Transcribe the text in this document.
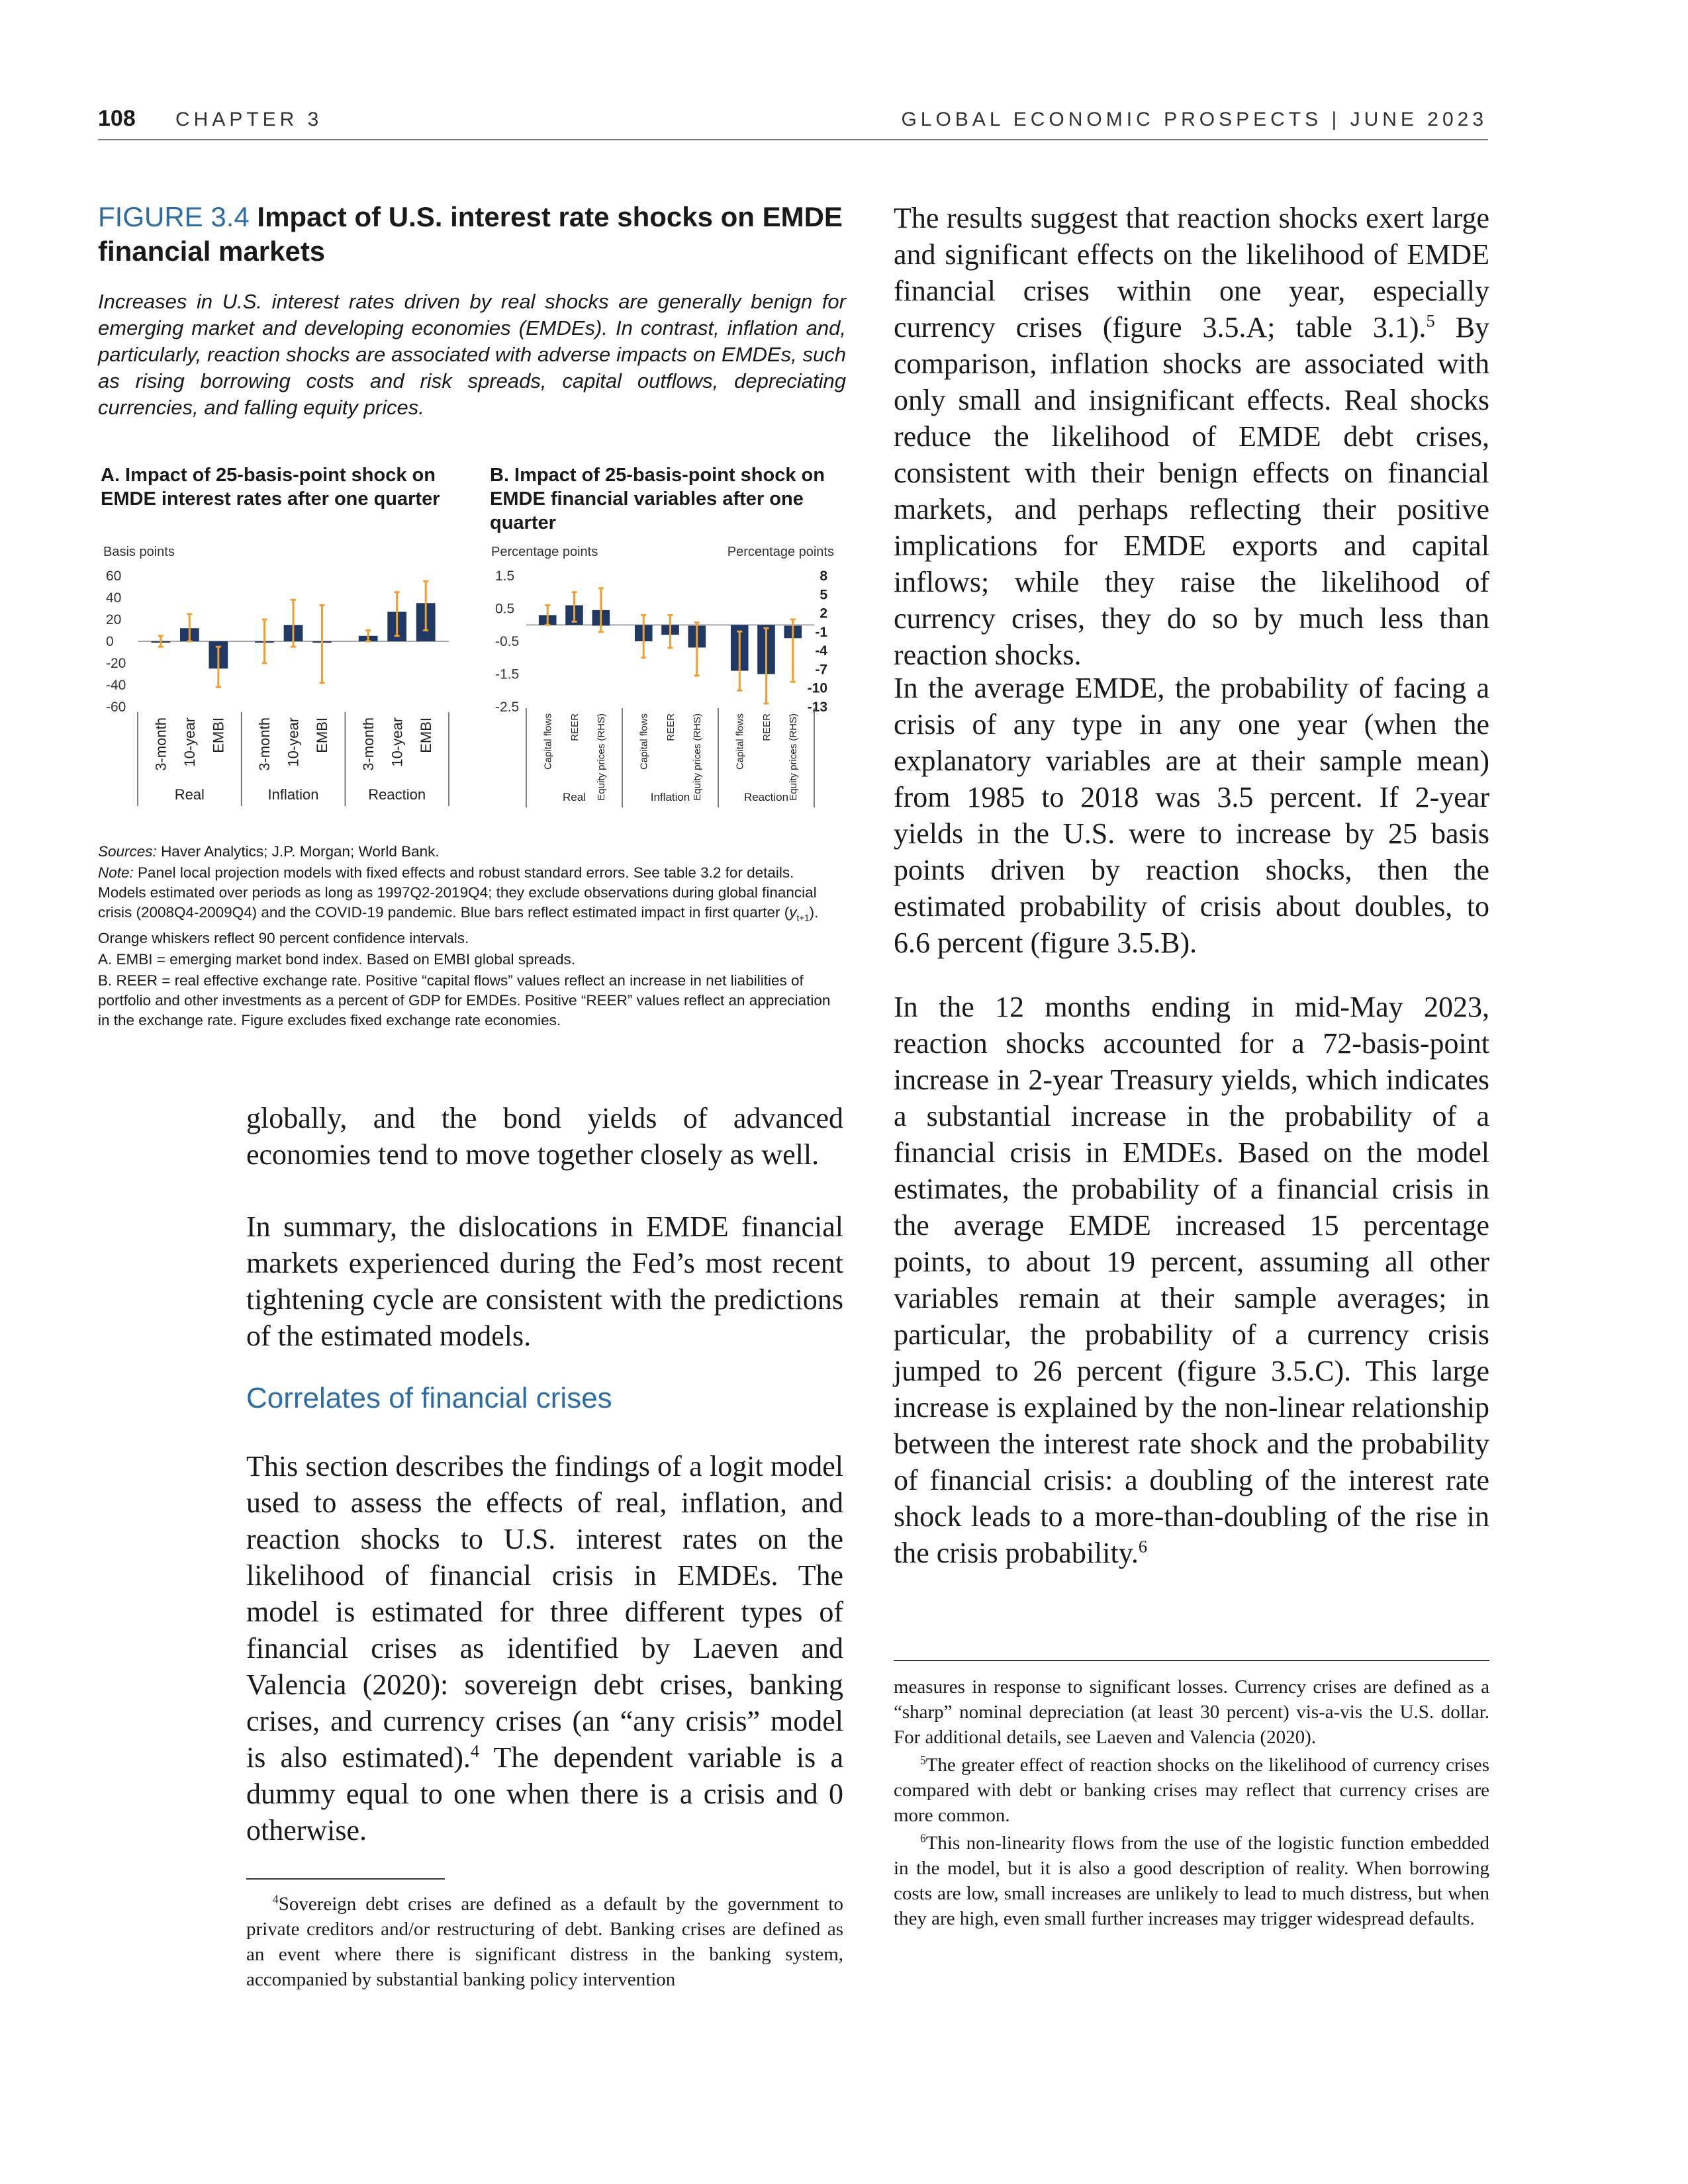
108 CHAPTER 3	GLOBAL ECONOMIC PROSPECTS | JUNE 2023
FIGURE 3.4 Impact of U.S. interest rate shocks on EMDE financial markets
Increases in U.S. interest rates driven by real shocks are generally benign for emerging market and developing economies (EMDEs). In contrast, inflation and, particularly, reaction shocks are associated with adverse impacts on EMDEs, such as rising borrowing costs and risk spreads, capital outflows, depreciating currencies, and falling equity prices.
A. Impact of 25-basis-point shock on EMDE interest rates after one quarter
B. Impact of 25-basis-point shock on EMDE financial variables after one quarter
Basis points
60
40
20
0
-20
-40
-60
3-month 10-year EMBI
Real
3-month 10-year EMBI
Inflation
3-month 10-year EMBI
Reaction
Percentage points	Percentage points
1.5
0.5
-0.5
-1.5
-2.5
8
5
2
-1
-4
-7
-10
-13
Capital flows REER Equity prices (RHS)
Real
Capital flows REER Equity prices (RHS)
Inflation
Capital flows REER Equity prices (RHS)
Reaction

Sources: Haver Analytics; J.P. Morgan; World Bank.

Note: Panel local projection models with fixed effects and robust standard errors. See table 3.2 for details. Models estimated over periods as long as 1997Q2-2019Q4; they exclude observations during global financial crisis (2008Q4-2009Q4) and the COVID-19 pandemic. Blue bars reflect estimated impact in first quarter $(y_{t+1})$. Orange whiskers reflect 90 percent confidence intervals.

A. EMBI = emerging market bond index. Based on EMBI global spreads.

B. REER = real effective exchange rate. Positive “capital flows” values reflect an increase in net liabilities of portfolio and other investments as a percent of GDP for EMDEs. Positive “REER” values reflect an appreciation in the exchange rate. Figure excludes fixed exchange rate economies.

globally, and the bond yields of advanced economies tend to move together closely as well.
In summary, the dislocations in EMDE financial markets experienced during the Fed’s most recent tightening cycle are consistent with the predictions of the estimated models.
Correlates of financial crises
This section describes the findings of a logit model used to assess the effects of real, inflation, and reaction shocks to U.S. interest rates on the likelihood of financial crisis in EMDEs. The model is estimated for three different types of financial crises as identified by Laeven and Valencia (2020): sovereign debt crises, banking crises, and currency crises (an “any crisis” model is also estimated).$^4$ The dependent variable is a dummy equal to one when there is a crisis and 0 otherwise.
$^4$Sovereign debt crises are defined as a default by the government to private creditors and/or restructuring of debt. Banking crises are defined as an event where there is significant distress in the banking system, accompanied by substantial banking policy intervention
The results suggest that reaction shocks exert large and significant effects on the likelihood of EMDE financial crises within one year, especially currency crises (figure 3.5.A; table 3.1).$^5$ By comparison, inflation shocks are associated with only small and insignificant effects. Real shocks reduce the likelihood of EMDE debt crises, consistent with their benign effects on financial markets, and perhaps reflecting their positive implications for EMDE exports and capital inflows; while they raise the likelihood of currency crises, they do so by much less than reaction shocks.
In the average EMDE, the probability of facing a crisis of any type in any one year (when the explanatory variables are at their sample mean) from 1985 to 2018 was 3.5 percent. If 2-year yields in the U.S. were to increase by 25 basis points driven by reaction shocks, then the estimated probability of crisis about doubles, to 6.6 percent (figure 3.5.B).
In the 12 months ending in mid-May 2023, reaction shocks accounted for a 72-basis-point increase in 2-year Treasury yields, which indicates a substantial increase in the probability of a financial crisis in EMDEs. Based on the model estimates, the probability of a financial crisis in the average EMDE increased 15 percentage points, to about 19 percent, assuming all other variables remain at their sample averages; in particular, the probability of a currency crisis jumped to 26 percent (figure 3.5.C). This large increase is explained by the non-linear relationship between the interest rate shock and the probability of financial crisis: a doubling of the interest rate shock leads to a more-than-doubling of the rise in the crisis probability.$^6$

measures in response to significant losses. Currency crises are defined as a “sharp” nominal depreciation (at least 30 percent) vis-a-vis the U.S. dollar. For additional details, see Laeven and Valencia (2020).

$^5$The greater effect of reaction shocks on the likelihood of currency crises compared with debt or banking crises may reflect that currency crises are more common.

$^6$This non-linearity flows from the use of the logistic function embedded in the model, but it is also a good description of reality. When borrowing costs are low, small increases are unlikely to lead to much distress, but when they are high, even small further increases may trigger widespread defaults.
